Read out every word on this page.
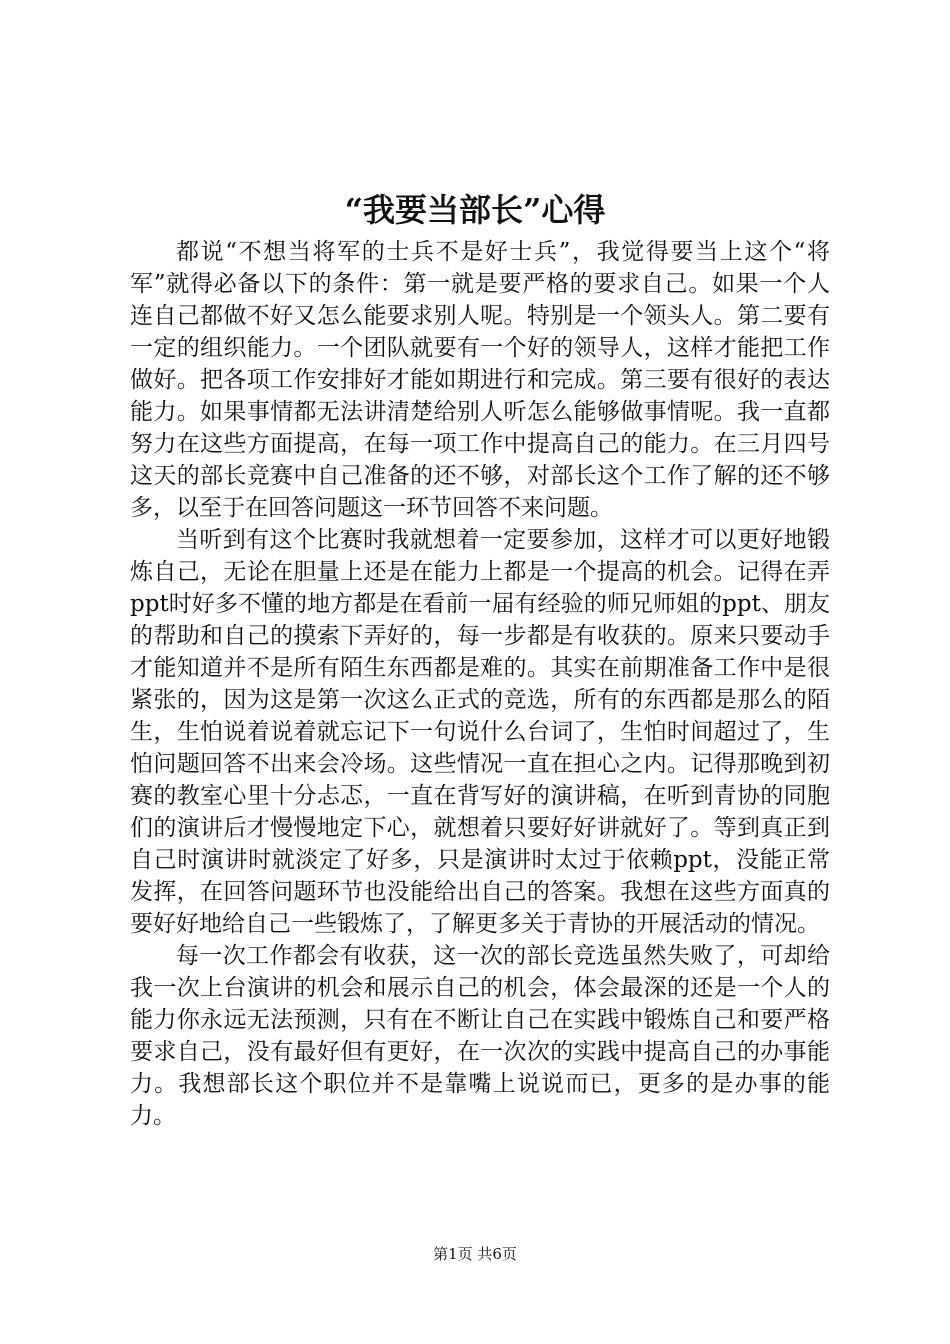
“我要当部长”心得

都说“不想当将军的士兵不是好士兵”，我觉得要当上这个“将军”就得必备以下的条件：第一就是要严格的要求自己。如果一个人连自己都做不好又怎么能要求别人呢。特别是一个领头人。第二要有一定的组织能力。一个团队就要有一个好的领导人，这样才能把工作做好。把各项工作安排好才能如期进行和完成。第三要有很好的表达能力。如果事情都无法讲清楚给别人听怎么能够做事情呢。我一直都努力在这些方面提高，在每一项工作中提高自己的能力。在三月四号这天的部长竞赛中自己准备的还不够，对部长这个工作了解的还不够多，以至于在回答问题这一环节回答不来问题。

当听到有这个比赛时我就想着一定要参加，这样才可以更好地锻炼自己，无论在胆量上还是在能力上都是一个提高的机会。记得在弄ppt时好多不懂的地方都是在看前一届有经验的师兄师姐的ppt、朋友的帮助和自己的摸索下弄好的，每一步都是有收获的。原来只要动手才能知道并不是所有陌生东西都是难的。其实在前期准备工作中是很紧张的，因为这是第一次这么正式的竞选，所有的东西都是那么的陌生，生怕说着说着就忘记下一句说什么台词了，生怕时间超过了，生怕问题回答不出来会冷场。这些情况一直在担心之内。记得那晚到初赛的教室心里十分忐忑，一直在背写好的演讲稿，在听到青协的同胞们的演讲后才慢慢地定下心，就想着只要好好讲就好了。等到真正到自己时演讲时就淡定了好多，只是演讲时太过于依赖ppt，没能正常发挥，在回答问题环节也没能给出自己的答案。我想在这些方面真的要好好地给自己一些锻炼了，了解更多关于青协的开展活动的情况。

每一次工作都会有收获，这一次的部长竞选虽然失败了，可却给我一次上台演讲的机会和展示自己的机会，体会最深的还是一个人的能力你永远无法预测，只有在不断让自己在实践中锻炼自己和要严格要求自己，没有最好但有更好，在一次次的实践中提高自己的办事能力。我想部长这个职位并不是靠嘴上说说而已，更多的是办事的能力。

第1页 共6页
